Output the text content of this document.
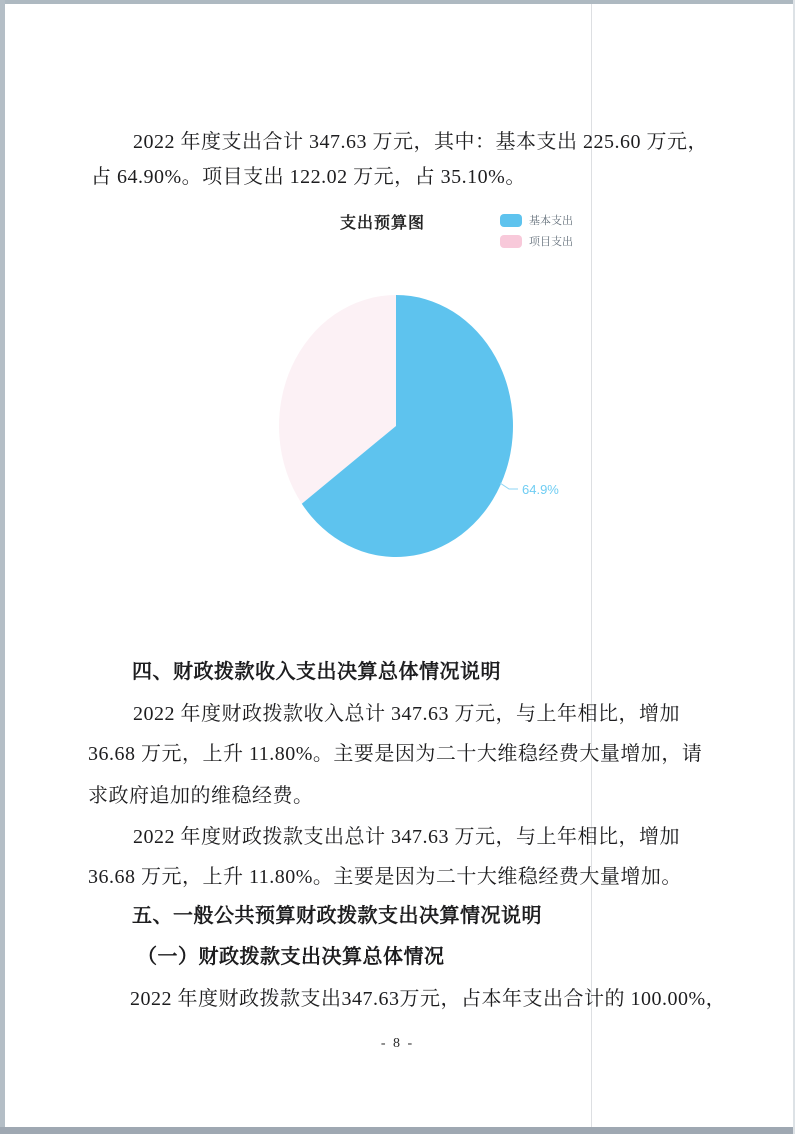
2022 年度支出合计 347.63 万元，其中：基本支出 225.60 万元，
占 64.90%。项目支出 122.02 万元，占 35.10%。
支出预算图	基本支出
项目支出
64.9%
四、财政拨款收入支出决算总体情况说明
2022 年度财政拨款收入总计 347.63 万元，与上年相比，增加
36.68 万元，上升 11.80%。主要是因为二十大维稳经费大量增加，请
求政府追加的维稳经费。
2022 年度财政拨款支出总计 347.63 万元，与上年相比，增加
36.68 万元，上升 11.80%。主要是因为二十大维稳经费大量增加。
五、一般公共预算财政拨款支出决算情况说明
（一）财政拨款支出决算总体情况
2022 年度财政拨款支出347.63万元，占本年支出合计的 100.00%，
- 8 -
